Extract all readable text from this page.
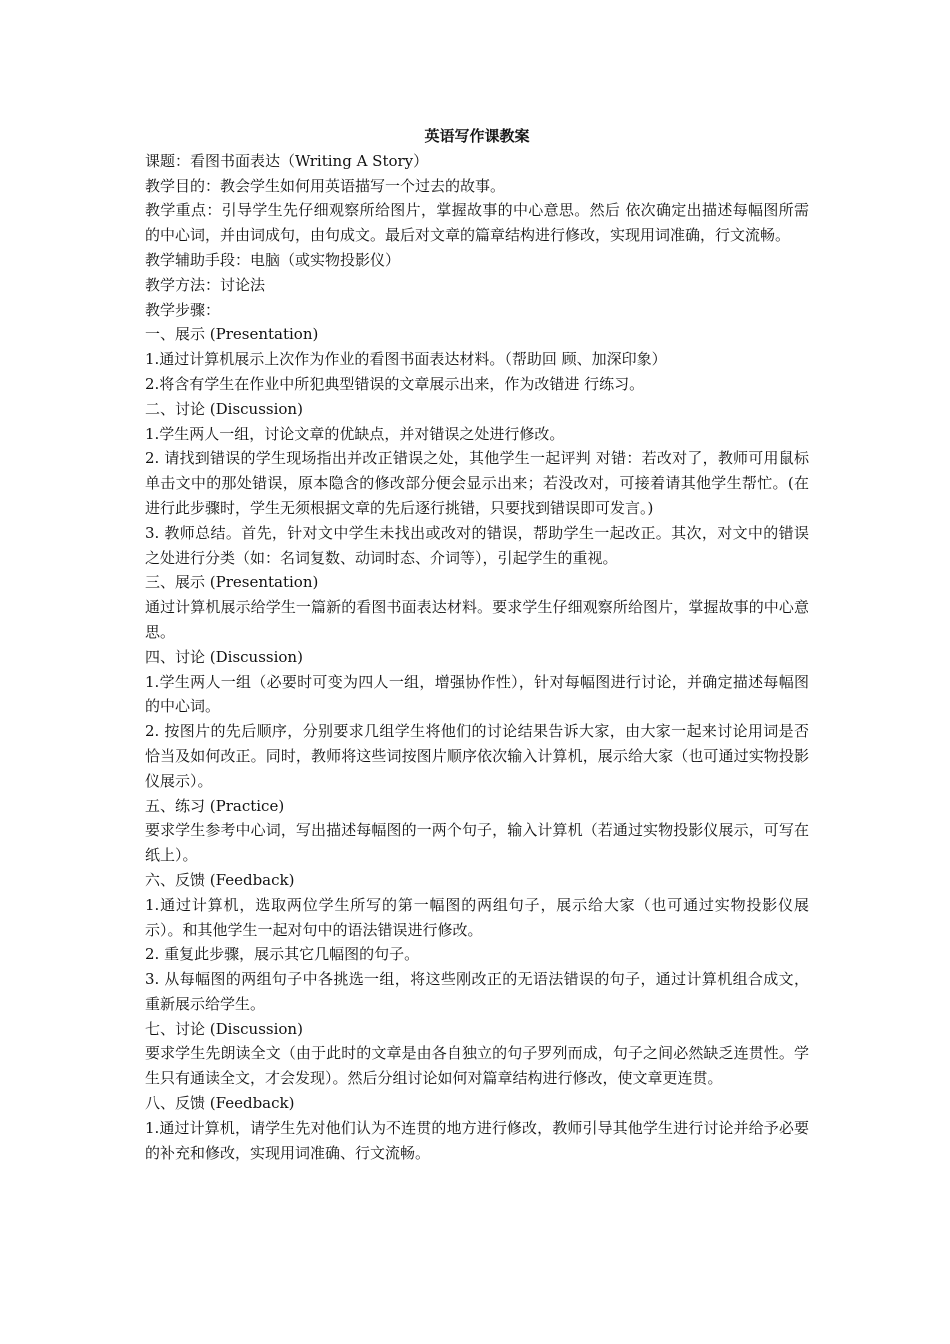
英语写作课教案

课题：看图书面表达（Writing A Story）

教学目的：教会学生如何用英语描写一个过去的故事。

教学重点：引导学生先仔细观察所给图片，掌握故事的中心意思。然后 依次确定出描述每幅图所需的中心词，并由词成句，由句成文。最后对文章的篇章结构进行修改，实现用词准确，行文流畅。

教学辅助手段：电脑（或实物投影仪）

教学方法：讨论法

教学步骤：

一、展示 (Presentation)

1.通过计算机展示上次作为作业的看图书面表达材料。（帮助回 顾、加深印象）

2.将含有学生在作业中所犯典型错误的文章展示出来，作为改错进 行练习。

二、讨论 (Discussion)

1.学生两人一组，讨论文章的优缺点，并对错误之处进行修改。

2. 请找到错误的学生现场指出并改正错误之处，其他学生一起评判 对错：若改对了，教师可用鼠标单击文中的那处错误，原本隐含的修改部分便会显示出来；若没改对，可接着请其他学生帮忙。(在进行此步骤时，学生无须根据文章的先后逐行挑错，只要找到错误即可发言。)

3. 教师总结。首先，针对文中学生未找出或改对的错误，帮助学生一起改正。其次，对文中的错误之处进行分类（如：名词复数、动词时态、介词等），引起学生的重视。

三、展示 (Presentation)

通过计算机展示给学生一篇新的看图书面表达材料。要求学生仔细观察所给图片，掌握故事的中心意思。

四、讨论 (Discussion)

1.学生两人一组（必要时可变为四人一组，增强协作性），针对每幅图进行讨论，并确定描述每幅图的中心词。

2. 按图片的先后顺序，分别要求几组学生将他们的讨论结果告诉大家，由大家一起来讨论用词是否恰当及如何改正。同时，教师将这些词按图片顺序依次输入计算机，展示给大家（也可通过实物投影仪展示）。

五、练习 (Practice)

要求学生参考中心词，写出描述每幅图的一两个句子，输入计算机（若通过实物投影仪展示，可写在纸上）。

六、反馈 (Feedback)

1.通过计算机，选取两位学生所写的第一幅图的两组句子，展示给大家（也可通过实物投影仪展示）。和其他学生一起对句中的语法错误进行修改。

2. 重复此步骤，展示其它几幅图的句子。

3. 从每幅图的两组句子中各挑选一组，将这些刚改正的无语法错误的句子，通过计算机组合成文，重新展示给学生。

七、讨论 (Discussion)

要求学生先朗读全文（由于此时的文章是由各自独立的句子罗列而成，句子之间必然缺乏连贯性。学生只有通读全文，才会发现）。然后分组讨论如何对篇章结构进行修改，使文章更连贯。

八、反馈 (Feedback)

1.通过计算机，请学生先对他们认为不连贯的地方进行修改，教师引导其他学生进行讨论并给予必要的补充和修改，实现用词准确、行文流畅。
